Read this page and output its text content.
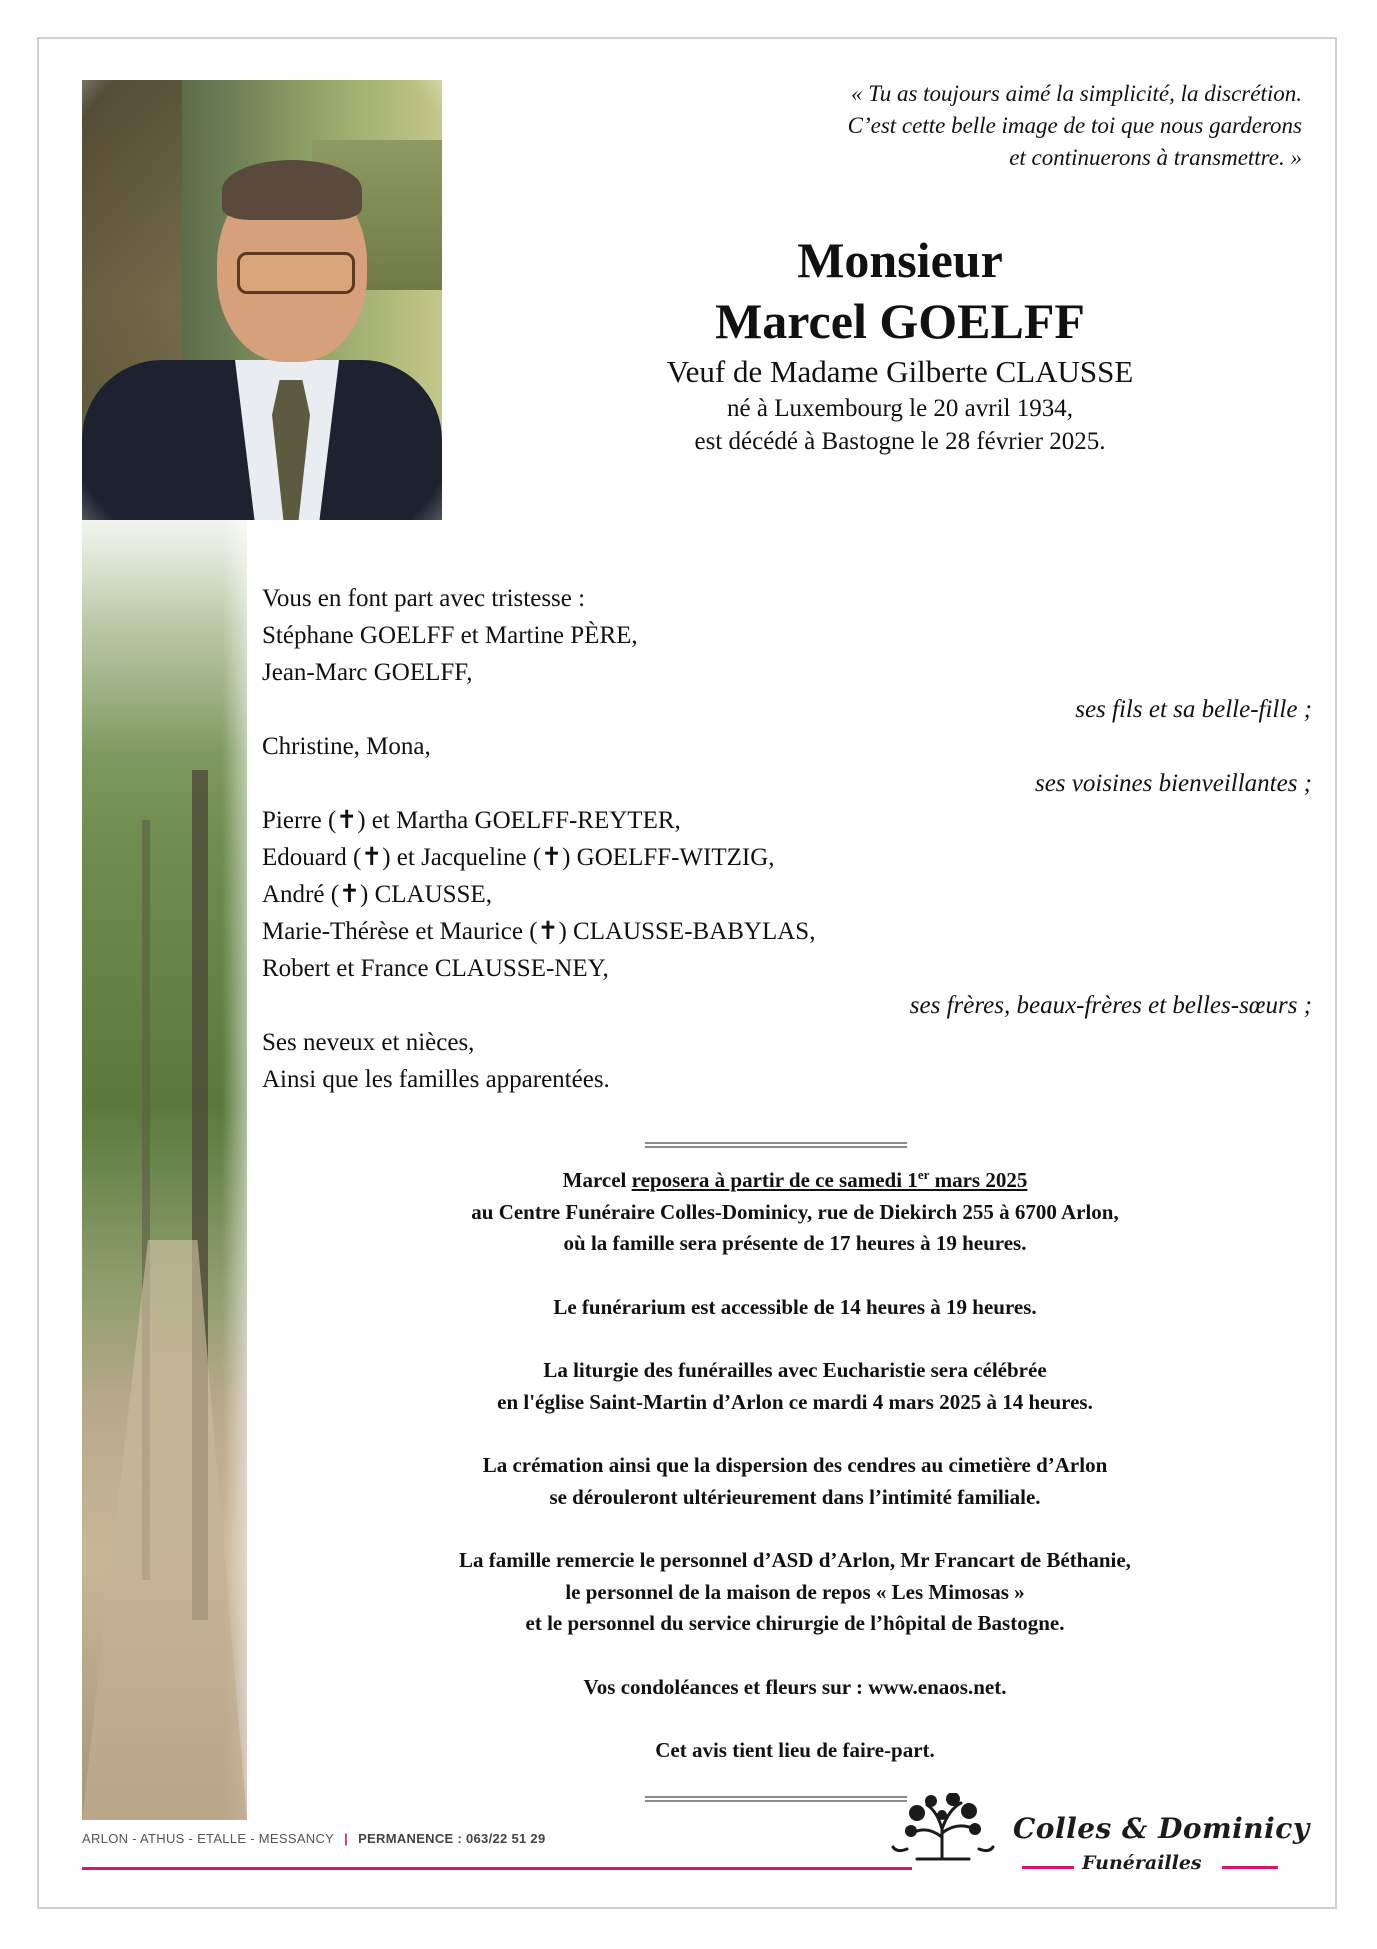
« Tu as toujours aimé la simplicité, la discrétion.
C’est cette belle image de toi que nous garderons
et continuerons à transmettre. »
Monsieur
Marcel GOELFF
Veuf de Madame Gilberte CLAUSSE
né à Luxembourg le 20 avril 1934,
est décédé à Bastogne le 28 février 2025.
Vous en font part avec tristesse :
Stéphane GOELFF et Martine PÈRE,
Jean-Marc GOELFF,
ses fils et sa belle-fille ;
Christine, Mona,
ses voisines bienveillantes ;
Pierre (✝) et Martha GOELFF-REYTER,
Edouard (✝) et Jacqueline (✝) GOELFF-WITZIG,
André (✝) CLAUSSE,
Marie-Thérèse et Maurice (✝) CLAUSSE-BABYLAS,
Robert et France CLAUSSE-NEY,
ses frères, beaux-frères et belles-sœurs ;
Ses neveux et nièces,
Ainsi que les familles apparentées.
Marcel reposera à partir de ce samedi 1er mars 2025
au Centre Funéraire Colles-Dominicy, rue de Diekirch 255 à 6700 Arlon,
où la famille sera présente de 17 heures à 19 heures.
Le funérarium est accessible de 14 heures à 19 heures.
La liturgie des funérailles avec Eucharistie sera célébrée
en l'église Saint-Martin d’Arlon ce mardi 4 mars 2025 à 14 heures.
La crémation ainsi que la dispersion des cendres au cimetière d’Arlon
se dérouleront ultérieurement dans l’intimité familiale.
La famille remercie le personnel d’ASD d’Arlon, Mr Francart de Béthanie,
le personnel de la maison de repos « Les Mimosas »
et le personnel du service chirurgie de l’hôpital de Bastogne.
Vos condoléances et fleurs sur : www.enaos.net.
Cet avis tient lieu de faire-part.
ARLON - ATHUS - ETALLE - MESSANCY | PERMANENCE : 063/22 51 29	Colles & Dominicy
Funérailles
